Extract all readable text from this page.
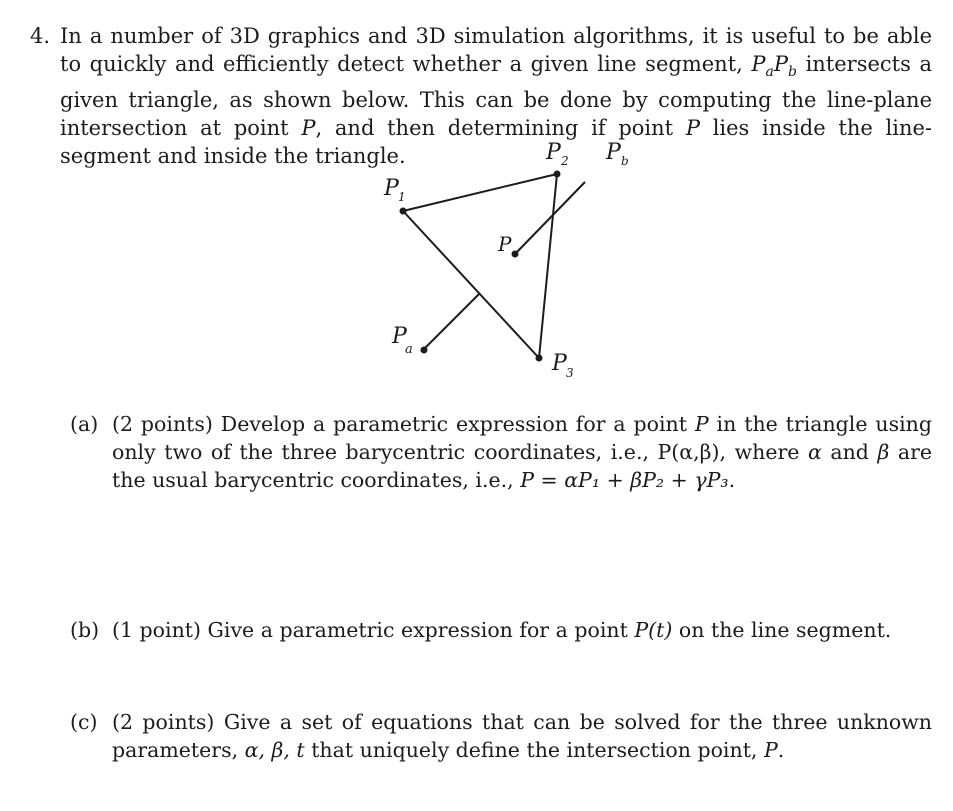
4. In a number of 3D graphics and 3D simulation algorithms, it is useful to be able to quickly and efficiently detect whether a given line segment, $P_aP_b$ intersects a given triangle, as shown below. This can be done by computing the line-plane intersection at point P, and then determining if point P lies inside the line-segment and inside the triangle.
P 1
P 2 P b
P
P
a
P 3
(a) (2 points) Develop a parametric expression for a point P in the triangle using only two of the three barycentric coordinates, i.e., P(α,β), where α and β are the usual barycentric coordinates, i.e., P = αP₁ + βP₂ + γP₃.
(b) (1 point) Give a parametric expression for a point P(t) on the line segment.
(c) (2 points) Give a set of equations that can be solved for the three unknown parameters, α, β, t that uniquely define the intersection point, P.
